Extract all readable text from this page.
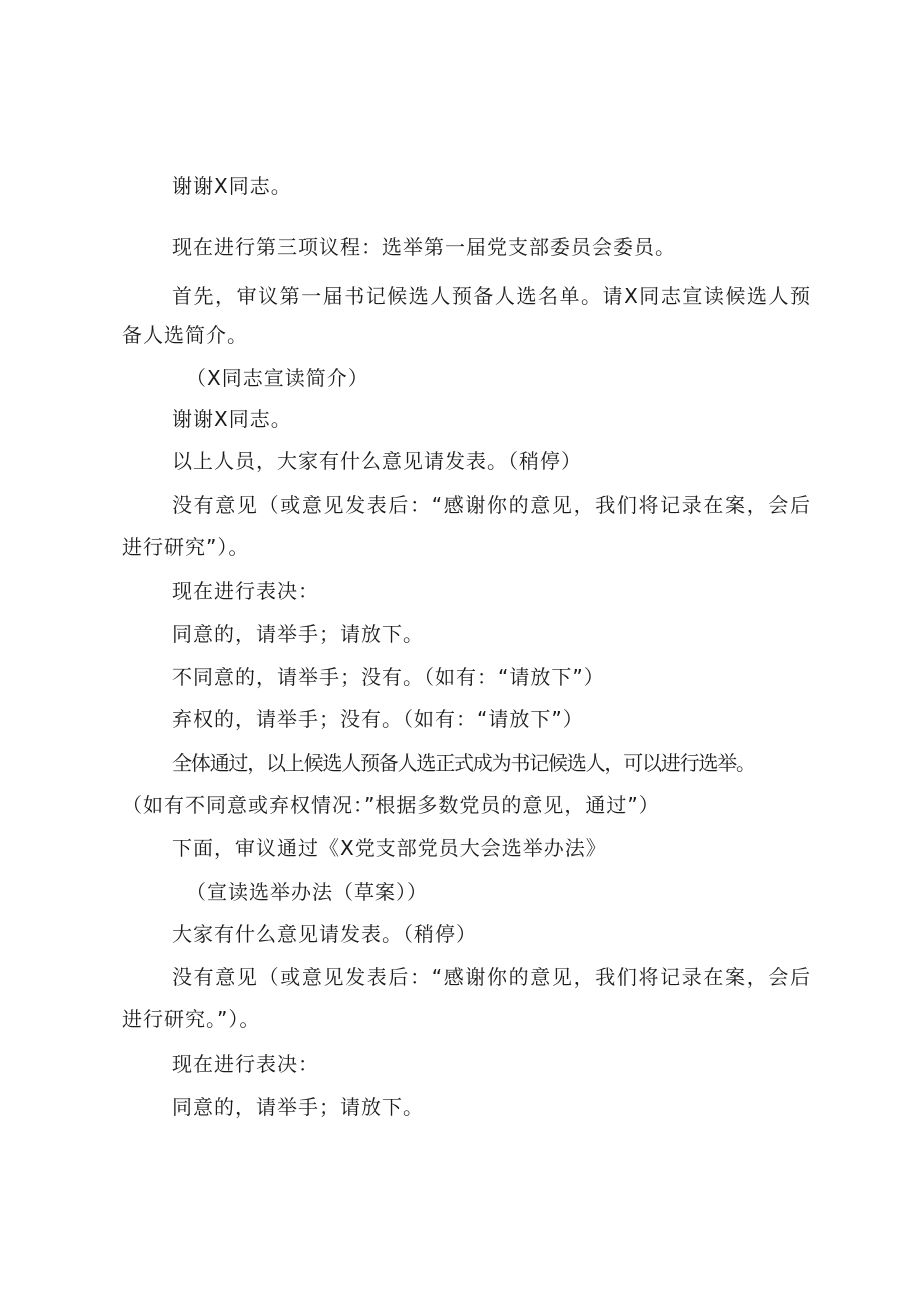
谢谢X同志。
现在进行第三项议程：选举第一届党支部委员会委员。
首先，审议第一届书记候选人预备人选名单。请X同志宣读候选人预
备人选简介。
（X同志宣读简介）
谢谢X同志。
以上人员，大家有什么意见请发表。（稍停）
没有意见（或意见发表后：“感谢你的意见，我们将记录在案，会后
进行研究”）。
现在进行表决：
同意的，请举手；请放下。
不同意的，请举手；没有。（如有：“请放下”）
弃权的，请举手；没有。（如有：“请放下”）
全体通过，以上候选人预备人选正式成为书记候选人，可以进行选举。
（如有不同意或弃权情况：”根据多数党员的意见，通过”）
下面，审议通过《X党支部党员大会选举办法》
（宣读选举办法（草案））
大家有什么意见请发表。（稍停）
没有意见（或意见发表后：“感谢你的意见，我们将记录在案，会后
进行研究。”）。
现在进行表决：
同意的，请举手；请放下。
